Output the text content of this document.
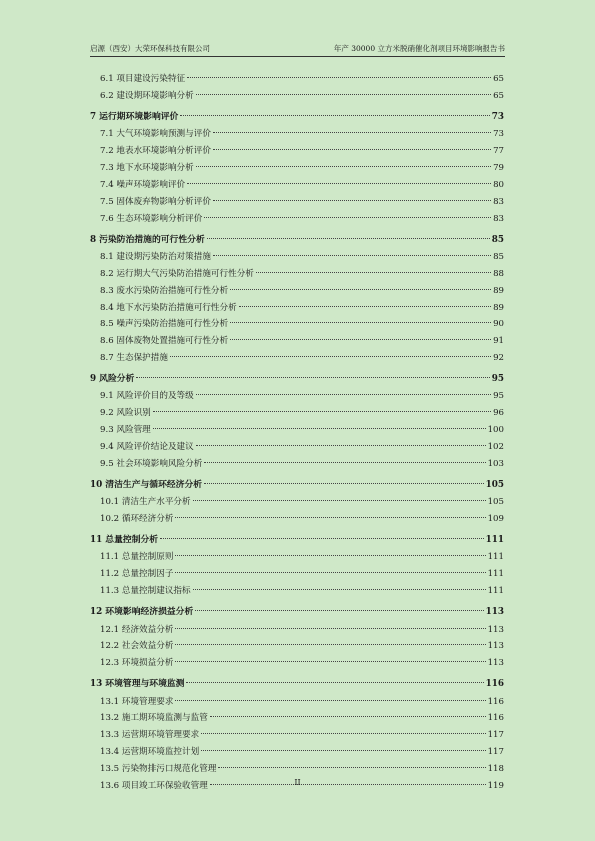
启源（西安）大荣环保科技有限公司	年产 30000 立方米脱硝催化剂项目环境影响报告书
6.1 项目建设污染特征	65
6.2 建设期环境影响分析	65
7 运行期环境影响评价	73
7.1 大气环境影响预测与评价	73
7.2 地表水环境影响分析评价	77
7.3 地下水环境影响分析	79
7.4 噪声环境影响评价	80
7.5 固体废弃物影响分析评价	83
7.6 生态环境影响分析评价	83
8 污染防治措施的可行性分析	85
8.1 建设期污染防治对策措施	85
8.2 运行期大气污染防治措施可行性分析	88
8.3 废水污染防治措施可行性分析	89
8.4 地下水污染防治措施可行性分析	89
8.5 噪声污染防治措施可行性分析	90
8.6 固体废物处置措施可行性分析	91
8.7 生态保护措施	92
9 风险分析	95
9.1 风险评价目的及等级	95
9.2 风险识别	96
9.3 风险管理	100
9.4 风险评价结论及建议	102
9.5 社会环境影响风险分析	103
10 清洁生产与循环经济分析	105
10.1 清洁生产水平分析	105
10.2 循环经济分析	109
11 总量控制分析	111
11.1 总量控制原则	111
11.2 总量控制因子	111
11.3 总量控制建议指标	111
12 环境影响经济损益分析	113
12.1 经济效益分析	113
12.2 社会效益分析	113
12.3 环境损益分析	113
13 环境管理与环境监测	116
13.1 环境管理要求	116
13.2 施工期环境监测与监管	116
13.3 运营期环境管理要求	117
13.4 运营期环境监控计划	117
13.5 污染物排污口规范化管理	118
13.6 项目竣工环保验收管理	119
II
